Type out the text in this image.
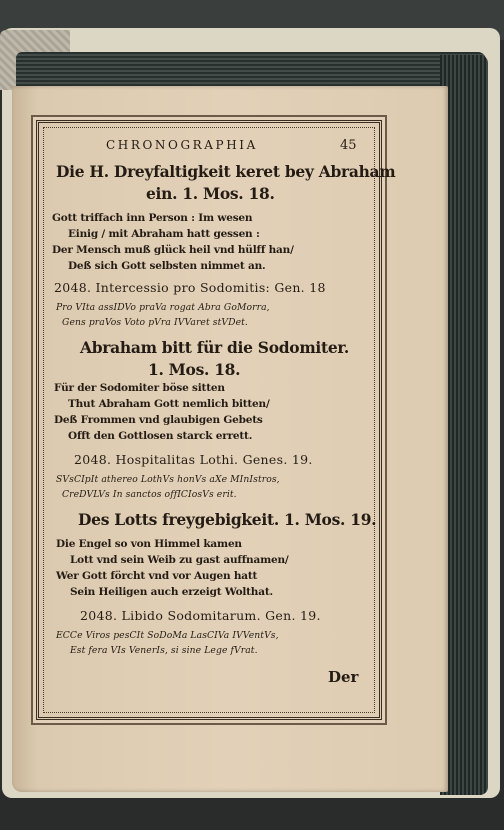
CHRONOGRAPHIA	45
Die H. Dreyfaltigkeit keret bey Abraham
ein. 1. Mos. 18.
Gott triffach inn Person : Im wesen
Einig / mit Abraham hatt gessen :
Der Mensch muß glück heil vnd hülff han/
Deß sich Gott selbsten nimmet an.
2048. Intercessio pro Sodomitis: Gen. 18
Pro VIta assIDVo praVa rogat Abra GoMorra,
Gens praVos Voto pVra IVVaret stVDet.
Abraham bitt für die Sodomiter.
1. Mos. 18.
Für der Sodomiter böse sitten
Thut Abraham Gott nemlich bitten/
Deß Frommen vnd glaubigen Gebets
Offt den Gottlosen starck errett.
2048. Hospitalitas Lothi. Genes. 19.
SVsCIpIt athereo LothVs honVs aXe MInIstros,
CreDVLVs In sanctos offICIosVs erit.
Des Lotts freygebigkeit. 1. Mos. 19.
Die Engel so von Himmel kamen
Lott vnd sein Weib zu gast auffnamen/
Wer Gott förcht vnd vor Augen hatt
Sein Heiligen auch erzeigt Wolthat.
2048. Libido Sodomitarum. Gen. 19.
ECCe Viros pesCIt SoDoMa LasCIVa IVVentVs,
Est fera VIs VenerIs, si sine Lege fVrat.
Der
